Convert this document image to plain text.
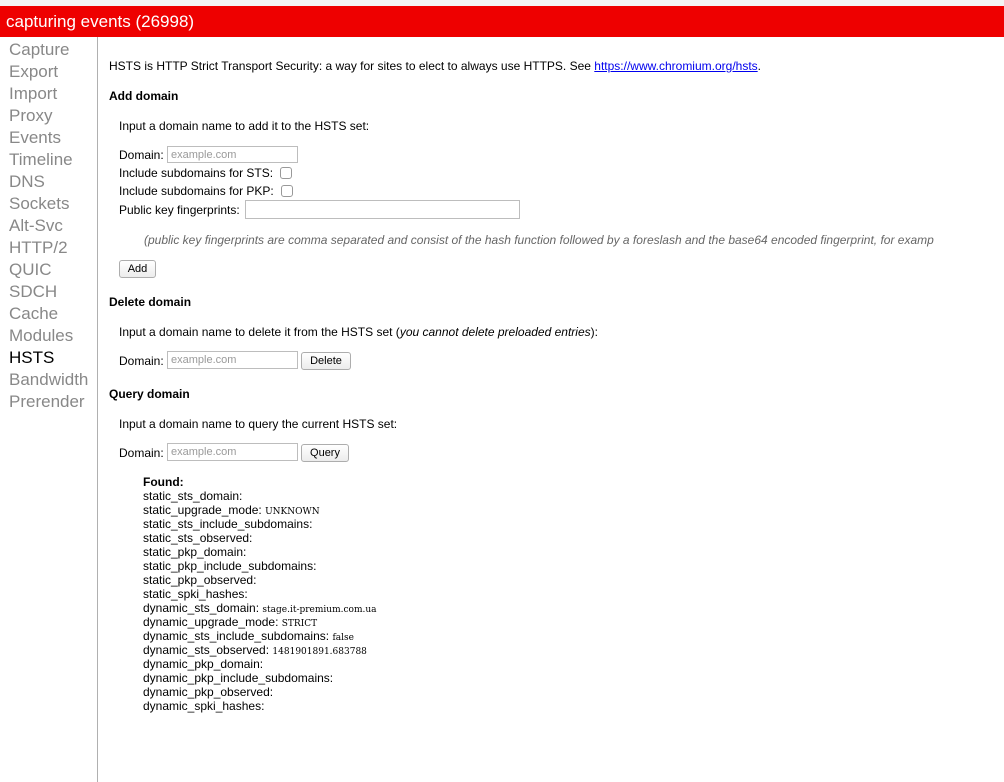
capturing events (26998)
Capture
Export
Import
Proxy
Events
Timeline
DNS
Sockets
Alt-Svc
HTTP/2
QUIC
SDCH
Cache
Modules
HSTS
Bandwidth
Prerender
HSTS is HTTP Strict Transport Security: a way for sites to elect to always use HTTPS. See https://www.chromium.org/hsts.
Add domain
Input a domain name to add it to the HSTS set:
Domain:
example.com
Include subdomains for STS:
Include subdomains for PKP:
Public key fingerprints:
(public key fingerprints are comma separated and consist of the hash function followed by a foreslash and the base64 encoded fingerprint, for examp
Add
Delete domain
Input a domain name to delete it from the HSTS set (you cannot delete preloaded entries):
Domain:
example.com	Delete
Query domain
Input a domain name to query the current HSTS set:
Domain:
example.com	Query
Found:
static_sts_domain:
static_upgrade_mode: UNKNOWN
static_sts_include_subdomains:
static_sts_observed:
static_pkp_domain:
static_pkp_include_subdomains:
static_pkp_observed:
static_spki_hashes:
dynamic_sts_domain: stage.it-premium.com.ua
dynamic_upgrade_mode: STRICT
dynamic_sts_include_subdomains: false
dynamic_sts_observed: 1481901891.683788
dynamic_pkp_domain:
dynamic_pkp_include_subdomains:
dynamic_pkp_observed:
dynamic_spki_hashes:
